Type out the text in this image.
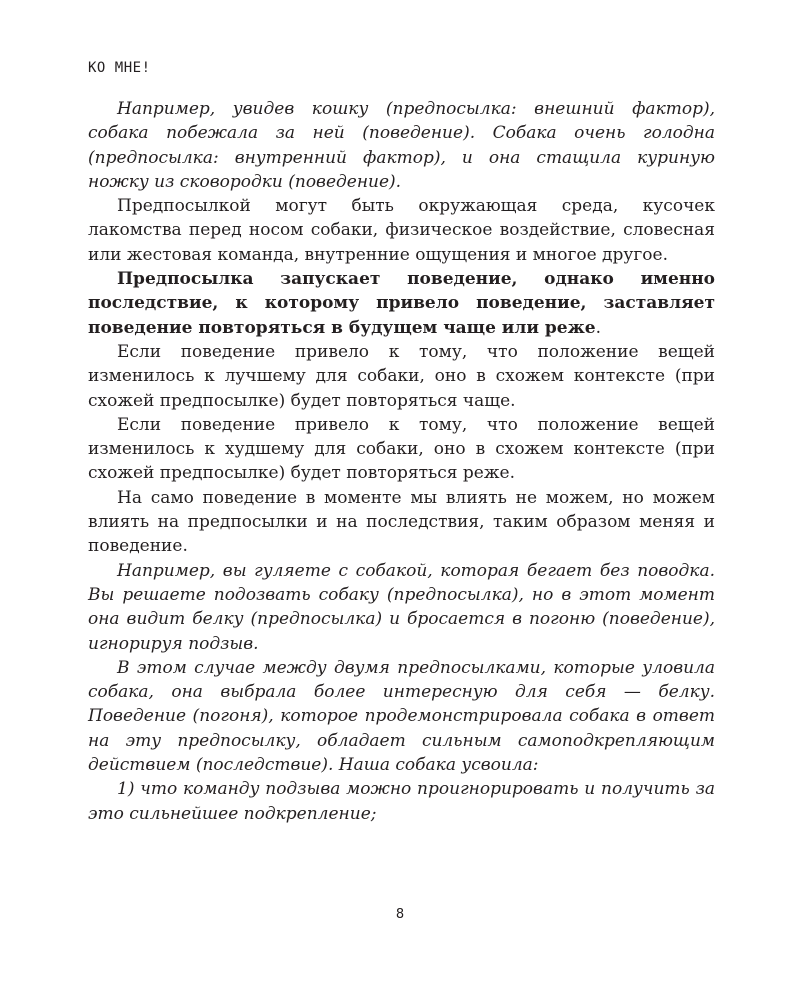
КО МНЕ!

Например, увидев кошку (предпосылка: внешний фактор), собака побежала за ней (поведение). Собака очень голодна (предпосылка: внутренний фактор), и она стащила куриную ножку из сковородки (поведение).

Предпосылкой могут быть окружающая среда, кусочек лакомства перед носом собаки, физическое воздействие, словесная или жестовая команда, внутренние ощущения и многое другое.

Предпосылка запускает поведение, однако именно последствие, к которому привело поведение, заставляет поведение повторяться в будущем чаще или реже.

Если поведение привело к тому, что положение вещей изменилось к лучшему для собаки, оно в схожем контексте (при схожей предпосылке) будет повторяться чаще.

Если поведение привело к тому, что положение вещей изменилось к худшему для собаки, оно в схожем контексте (при схожей предпосылке) будет повторяться реже.

На само поведение в моменте мы влиять не можем, но можем влиять на предпосылки и на последствия, таким образом меняя и поведение.

Например, вы гуляете с собакой, которая бегает без поводка. Вы решаете подозвать собаку (предпосылка), но в этот момент она видит белку (предпосылка) и бросается в погоню (поведение), игнорируя подзыв.

В этом случае между двумя предпосылками, которые уловила собака, она выбрала более интересную для себя — белку. Поведение (погоня), которое продемонстрировала собака в ответ на эту предпосылку, обладает сильным самоподкрепляющим действием (последствие). Наша собака усвоила:

1) что команду подзыва можно проигнорировать и получить за это сильнейшее подкрепление;

8
